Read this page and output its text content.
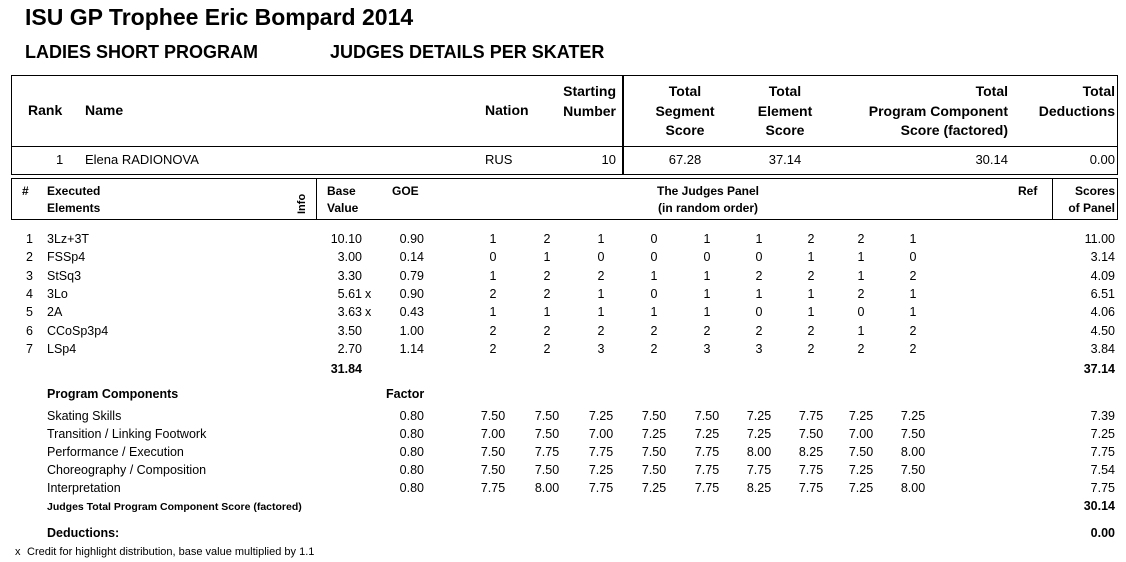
ISU GP Trophee Eric Bompard 2014
LADIES SHORT PROGRAM	JUDGES DETAILS PER SKATER
Rank Name	Nation
Starting
Number
Total
Segment
Score
Total
Element
Score
Total
Program Component
Score (factored)
Total
Deductions
1 Elena RADIONOVA	RUS	10	67.28	37.14	30.14	0.00
# Executed
Elements	Info
Base
Value
GOE	The Judges Panel
(in random order)
Ref	Scores
of Panel
1 3Lz+3T	10.10	0.90	1	2	1	0	1	1	2	2	1	11.00
2 FSSp4	3.00	0.14	0	1	0	0	0	0	1	1	0	3.14
3 StSq3	3.30	0.79	1	2	2	1	1	2	2	1	2	4.09
4 3Lo	5.61 x 0.90	2	2	1	0	1	1	1	2	1	6.51
5 2A	3.63 x 0.43	1	1	1	1	1	0	1	0	1	4.06
6 CCoSp3p4	3.50	1.00	2	2	2	2	2	2	2	1	2	4.50
7 LSp4	2.70	1.14	2	2	3	2	3	3	2	2	2	3.84
31.84	37.14
Program Components	Factor
Skating Skills	0.80	7.50	7.50	7.25	7.50	7.50	7.25	7.75	7.25	7.25	7.39
Transition / Linking Footwork	0.80	7.00	7.50	7.00	7.25	7.25	7.25	7.50	7.00	7.50	7.25
Performance / Execution	0.80	7.50	7.75	7.75	7.50	7.75	8.00	8.25	7.50	8.00	7.75
Choreography / Composition	0.80	7.50	7.50	7.25	7.50	7.75	7.75	7.75	7.25	7.50	7.54
Interpretation	0.80	7.75	8.00	7.75	7.25	7.75	8.25	7.75	7.25	8.00	7.75
Judges Total Program Component Score (factored)	30.14
Deductions:	0.00
x Credit for highlight distribution, base value multiplied by 1.1
